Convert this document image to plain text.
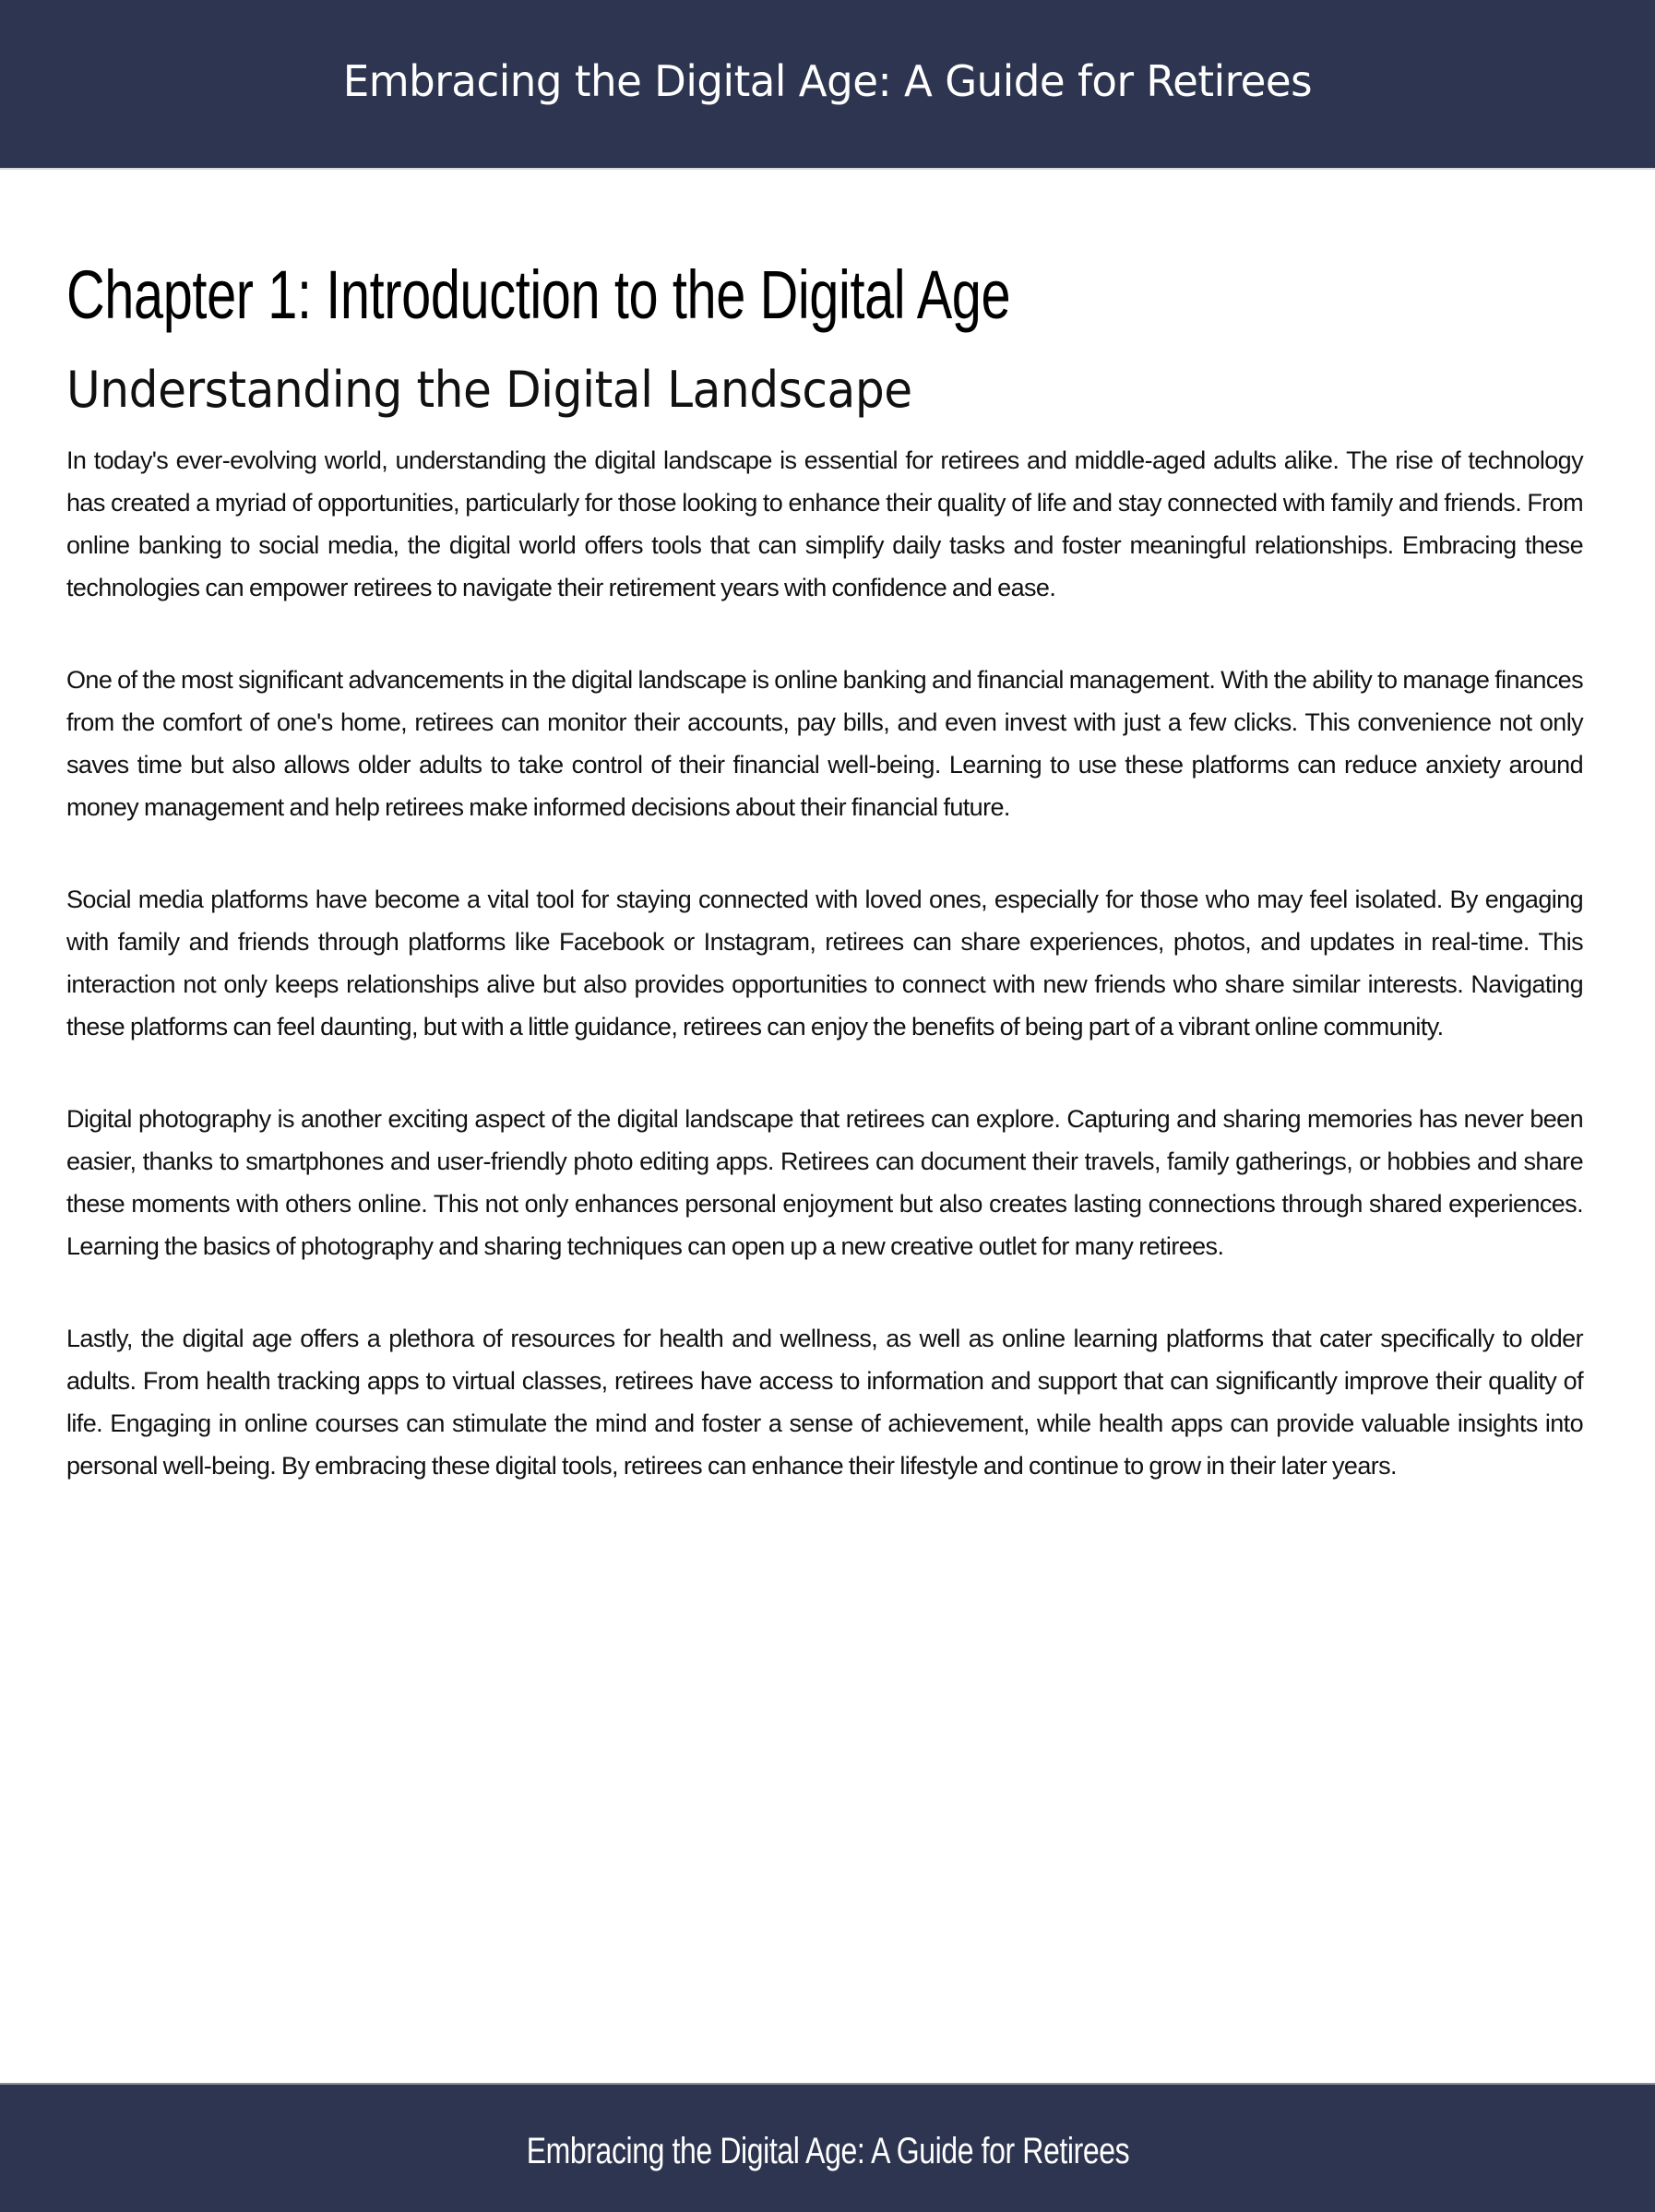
Embracing the Digital Age: A Guide for Retirees
Chapter 1: Introduction to the Digital Age
Understanding the Digital Landscape

In today's ever-evolving world, understanding the digital landscape is essential for retirees and middle-aged adults alike. The rise of technology has created a myriad of opportunities, particularly for those looking to enhance their quality of life and stay connected with family and friends. From online banking to social media, the digital world offers tools that can simplify daily tasks and foster meaningful relationships. Embracing these technologies can empower retirees to navigate their retirement years with confidence and ease.

One of the most significant advancements in the digital landscape is online banking and financial management. With the ability to manage finances from the comfort of one's home, retirees can monitor their accounts, pay bills, and even invest with just a few clicks. This convenience not only saves time but also allows older adults to take control of their financial well-being. Learning to use these platforms can reduce anxiety around money management and help retirees make informed decisions about their financial future.

Social media platforms have become a vital tool for staying connected with loved ones, especially for those who may feel isolated. By engaging with family and friends through platforms like Facebook or Instagram, retirees can share experiences, photos, and updates in real-time. This interaction not only keeps relationships alive but also provides opportunities to connect with new friends who share similar interests. Navigating these platforms can feel daunting, but with a little guidance, retirees can enjoy the benefits of being part of a vibrant online community.

Digital photography is another exciting aspect of the digital landscape that retirees can explore. Capturing and sharing memories has never been easier, thanks to smartphones and user-friendly photo editing apps. Retirees can document their travels, family gatherings, or hobbies and share these moments with others online. This not only enhances personal enjoyment but also creates lasting connections through shared experiences. Learning the basics of photography and sharing techniques can open up a new creative outlet for many retirees.

Lastly, the digital age offers a plethora of resources for health and wellness, as well as online learning platforms that cater specifically to older adults. From health tracking apps to virtual classes, retirees have access to information and support that can significantly improve their quality of life. Engaging in online courses can stimulate the mind and foster a sense of achievement, while health apps can provide valuable insights into personal well-being. By embracing these digital tools, retirees can enhance their lifestyle and continue to grow in their later years.

Embracing the Digital Age: A Guide for Retirees
